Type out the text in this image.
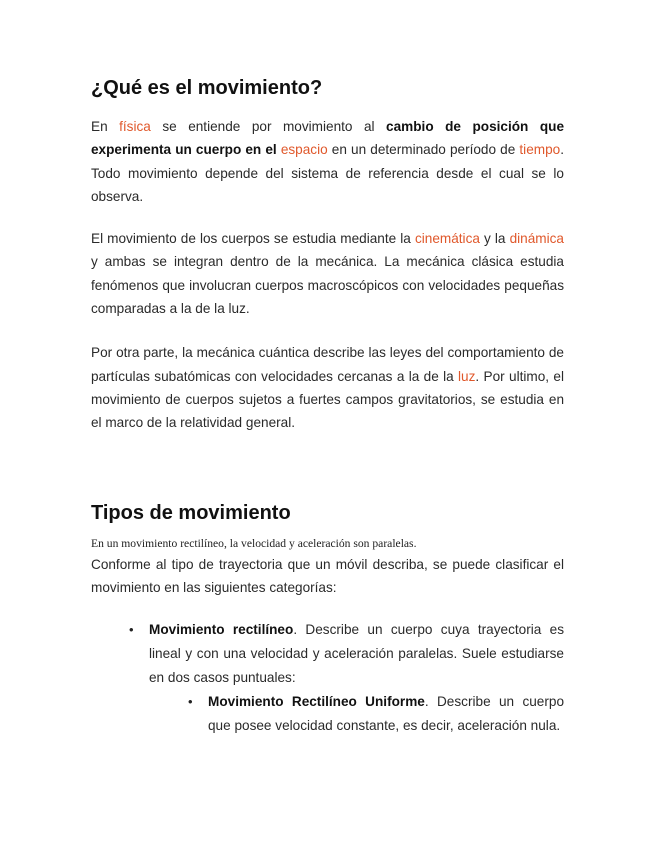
¿Qué es el movimiento?

En física se entiende por movimiento al cambio de posición que experimenta un cuerpo en el espacio en un determinado período de tiempo. Todo movimiento depende del sistema de referencia desde el cual se lo observa.

El movimiento de los cuerpos se estudia mediante la cinemática y la dinámica y ambas se integran dentro de la mecánica. La mecánica clásica estudia fenómenos que involucran cuerpos macroscópicos con velocidades pequeñas comparadas a la de la luz.

Por otra parte, la mecánica cuántica describe las leyes del comportamiento de partículas subatómicas con velocidades cercanas a la de la luz. Por ultimo, el movimiento de cuerpos sujetos a fuertes campos gravitatorios, se estudia en el marco de la relatividad general.

Tipos de movimiento

En un movimiento rectilíneo, la velocidad y aceleración son paralelas.

Conforme al tipo de trayectoria que un móvil describa, se puede clasificar el movimiento en las siguientes categorías:

• Movimiento rectilíneo. Describe un cuerpo cuya trayectoria es lineal y con una velocidad y aceleración paralelas. Suele estudiarse en dos casos puntuales:
• Movimiento Rectilíneo Uniforme. Describe un cuerpo que posee velocidad constante, es decir, aceleración nula.
